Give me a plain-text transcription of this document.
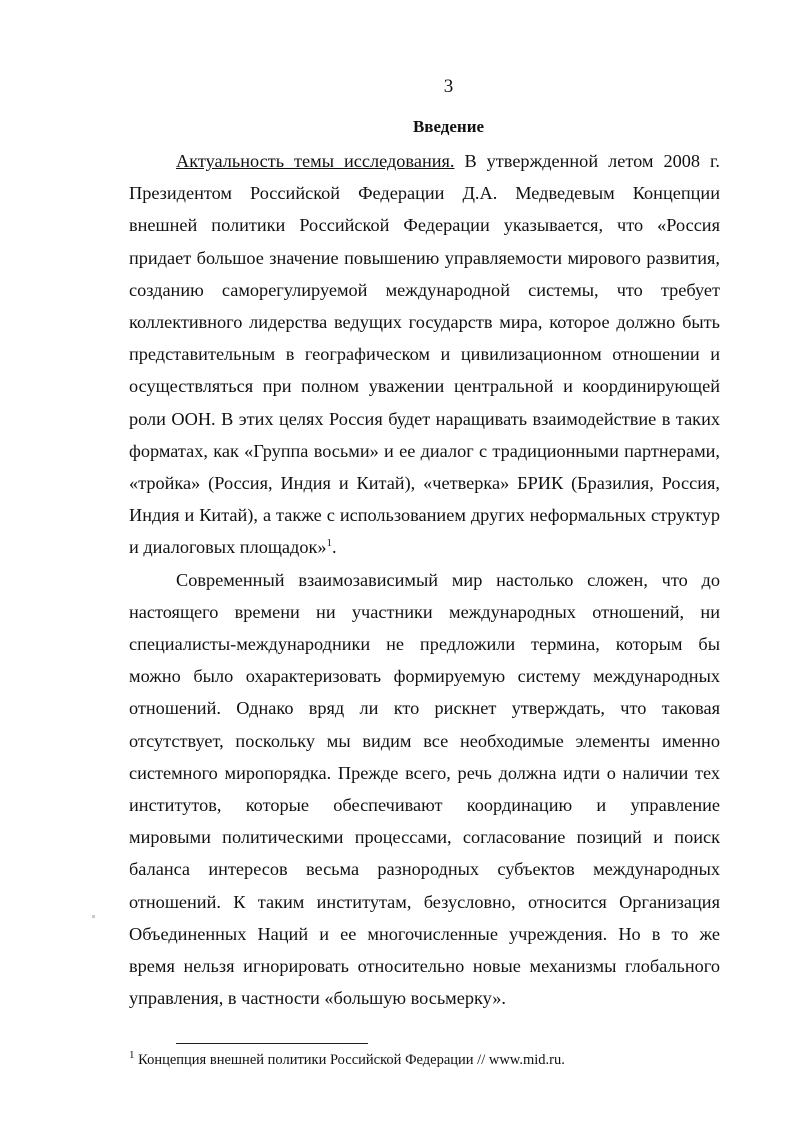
3
Введение
Актуальность темы исследования. В утвержденной летом 2008 г.
Президентом Российской Федерации Д.А. Медведевым Концепции
внешней политики Российской Федерации указывается, что «Россия
придает большое значение повышению управляемости мирового развития,
созданию саморегулируемой международной системы, что требует
коллективного лидерства ведущих государств мира, которое должно быть
представительным в географическом и цивилизационном отношении и
осуществляться при полном уважении центральной и координирующей
роли ООН. В этих целях Россия будет наращивать взаимодействие в таких
форматах, как «Группа восьми» и ее диалог с традиционными партнерами,
«тройка» (Россия, Индия и Китай), «четверка» БРИК (Бразилия, Россия,
Индия и Китай), а также с использованием других неформальных структур
и диалоговых площадок»$^1$.
Современный взаимозависимый мир настолько сложен, что до
настоящего времени ни участники международных отношений, ни
специалисты-международники не предложили термина, которым бы
можно было охарактеризовать формируемую систему международных
отношений. Однако вряд ли кто рискнет утверждать, что таковая
отсутствует, поскольку мы видим все необходимые элементы именно
системного миропорядка. Прежде всего, речь должна идти о наличии тех
институтов, которые обеспечивают координацию и управление
мировыми политическими процессами, согласование позиций и поиск
баланса интересов весьма разнородных субъектов международных
отношений. К таким институтам, безусловно, относится Организация
Объединенных Наций и ее многочисленные учреждения. Но в то же
время нельзя игнорировать относительно новые механизмы глобального
управления, в частности «большую восьмерку».
$^1$ Концепция внешней политики Российской Федерации // www.mid.ru.
